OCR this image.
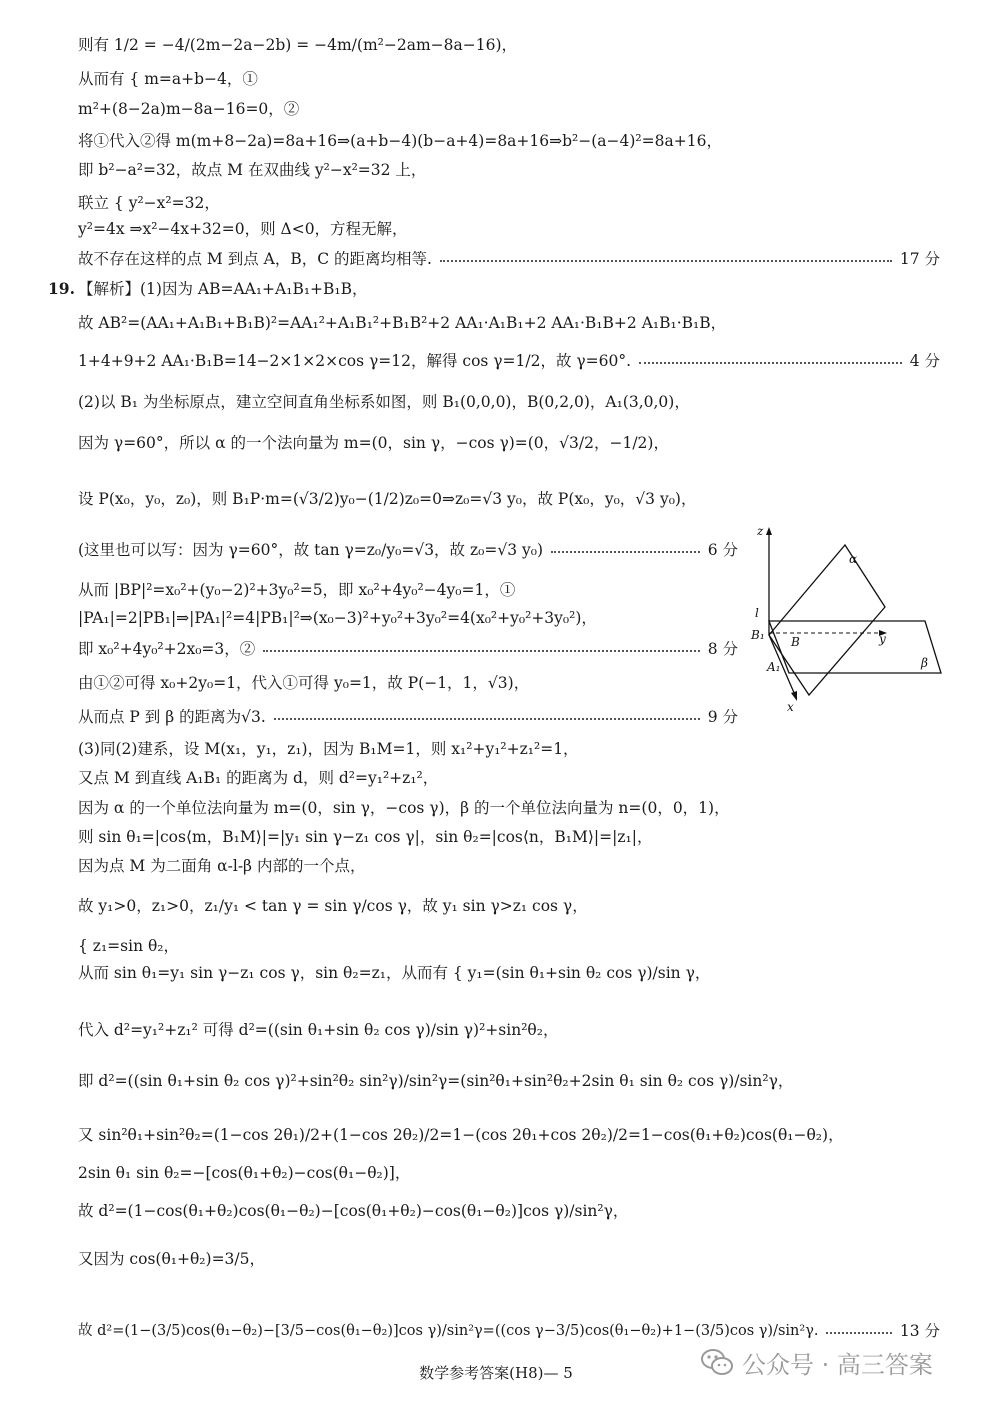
则有 1/2 = −4/(2m−2a−2b) = −4m/(m²−2am−8a−16)，
从而有 { m=a+b−4，①
m²+(8−2a)m−8a−16=0，②
将①代入②得 m(m+8−2a)=8a+16⇒(a+b−4)(b−a+4)=8a+16⇒b²−(a−4)²=8a+16，
即 b²−a²=32，故点 M 在双曲线 y²−x²=32 上，
联立 { y²−x²=32，
y²=4x ⇒x²−4x+32=0，则 Δ<0，方程无解，
故不存在这样的点 M 到点 A，B，C 的距离均相等.	17 分
19. 【解析】(1)因为 AB=AA₁+A₁B₁+B₁B，
故 AB²=(AA₁+A₁B₁+B₁B)²=AA₁²+A₁B₁²+B₁B²+2 AA₁·A₁B₁+2 AA₁·B₁B+2 A₁B₁·B₁B，
1+4+9+2 AA₁·B₁B=14−2×1×2×cos γ=12，解得 cos γ=1/2，故 γ=60°.	4 分
(2)以 B₁ 为坐标原点，建立空间直角坐标系如图，则 B₁(0,0,0)，B(0,2,0)，A₁(3,0,0)，
因为 γ=60°，所以 α 的一个法向量为 m=(0，sin γ，−cos γ)=(0，√3/2，−1/2)，
设 P(x₀，y₀，z₀)，则 B₁P·m=(√3/2)y₀−(1/2)z₀=0⇒z₀=√3 y₀，故 P(x₀，y₀，√3 y₀)，
(这里也可以写：因为 γ=60°，故 tan γ=z₀/y₀=√3，故 z₀=√3 y₀)	6 分
从而 |BP|²=x₀²+(y₀−2)²+3y₀²=5，即 x₀²+4y₀²−4y₀=1，①
|PA₁|=2|PB₁|⇒|PA₁|²=4|PB₁|²⇒(x₀−3)²+y₀²+3y₀²=4(x₀²+y₀²+3y₀²)，
即 x₀²+4y₀²+2x₀=3，②	8 分
由①②可得 x₀+2y₀=1，代入①可得 y₀=1，故 P(−1，1，√3)，
从而点 P 到 β 的距离为√3.	9 分
(3)同(2)建系，设 M(x₁，y₁，z₁)，因为 B₁M=1，则 x₁²+y₁²+z₁²=1，
又点 M 到直线 A₁B₁ 的距离为 d，则 d²=y₁²+z₁²，
因为 α 的一个单位法向量为 m=(0，sin γ，−cos γ)，β 的一个单位法向量为 n=(0，0，1)，
则 sin θ₁=|cos⟨m，B₁M⟩|=|y₁ sin γ−z₁ cos γ|，sin θ₂=|cos⟨n，B₁M⟩|=|z₁|，
因为点 M 为二面角 α-l-β 内部的一个点，
故 y₁>0，z₁>0，z₁/y₁ < tan γ = sin γ/cos γ，故 y₁ sin γ>z₁ cos γ，
{ z₁=sin θ₂，
从而 sin θ₁=y₁ sin γ−z₁ cos γ，sin θ₂=z₁，从而有 { y₁=(sin θ₁+sin θ₂ cos γ)/sin γ，
代入 d²=y₁²+z₁² 可得 d²=((sin θ₁+sin θ₂ cos γ)/sin γ)²+sin²θ₂，
即 d²=((sin θ₁+sin θ₂ cos γ)²+sin²θ₂ sin²γ)/sin²γ=(sin²θ₁+sin²θ₂+2sin θ₁ sin θ₂ cos γ)/sin²γ，
又 sin²θ₁+sin²θ₂=(1−cos 2θ₁)/2+(1−cos 2θ₂)/2=1−(cos 2θ₁+cos 2θ₂)/2=1−cos(θ₁+θ₂)cos(θ₁−θ₂)，
2sin θ₁ sin θ₂=−[cos(θ₁+θ₂)−cos(θ₁−θ₂)]，
故 d²=(1−cos(θ₁+θ₂)cos(θ₁−θ₂)−[cos(θ₁+θ₂)−cos(θ₁−θ₂)]cos γ)/sin²γ，
又因为 cos(θ₁+θ₂)=3/5，
故 d²=(1−(3/5)cos(θ₁−θ₂)−[3/5−cos(θ₁−θ₂)]cos γ)/sin²γ=((cos γ−3/5)cos(θ₁−θ₂)+1−(3/5)cos γ)/sin²γ.	13 分
z
α
β
l
y
x
B₁ B
A₁
数学参考答案(H8)— 5	公众号 · 高三答案
